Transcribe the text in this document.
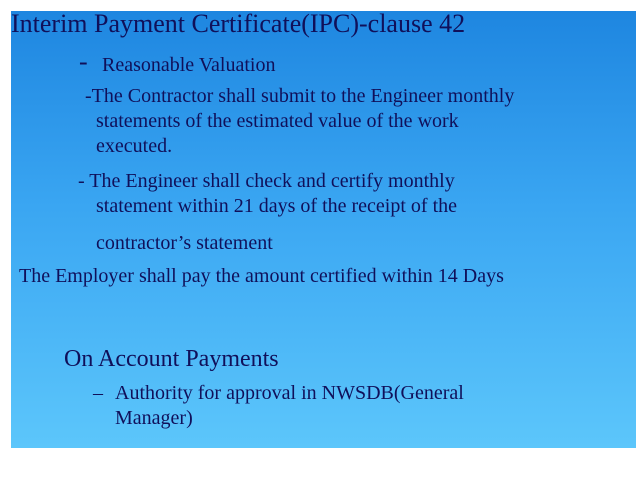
Interim Payment Certificate(IPC)-clause 42
- Reasonable Valuation
-The Contractor shall submit to the Engineer monthly
statements of the estimated value of the work
executed.
- The Engineer shall check and certify monthly
statement within 21 days of the receipt of the
contractor’s statement
The Employer shall pay the amount certified within 14 Days
On Account Payments
– Authority for approval in NWSDB(General
Manager)
